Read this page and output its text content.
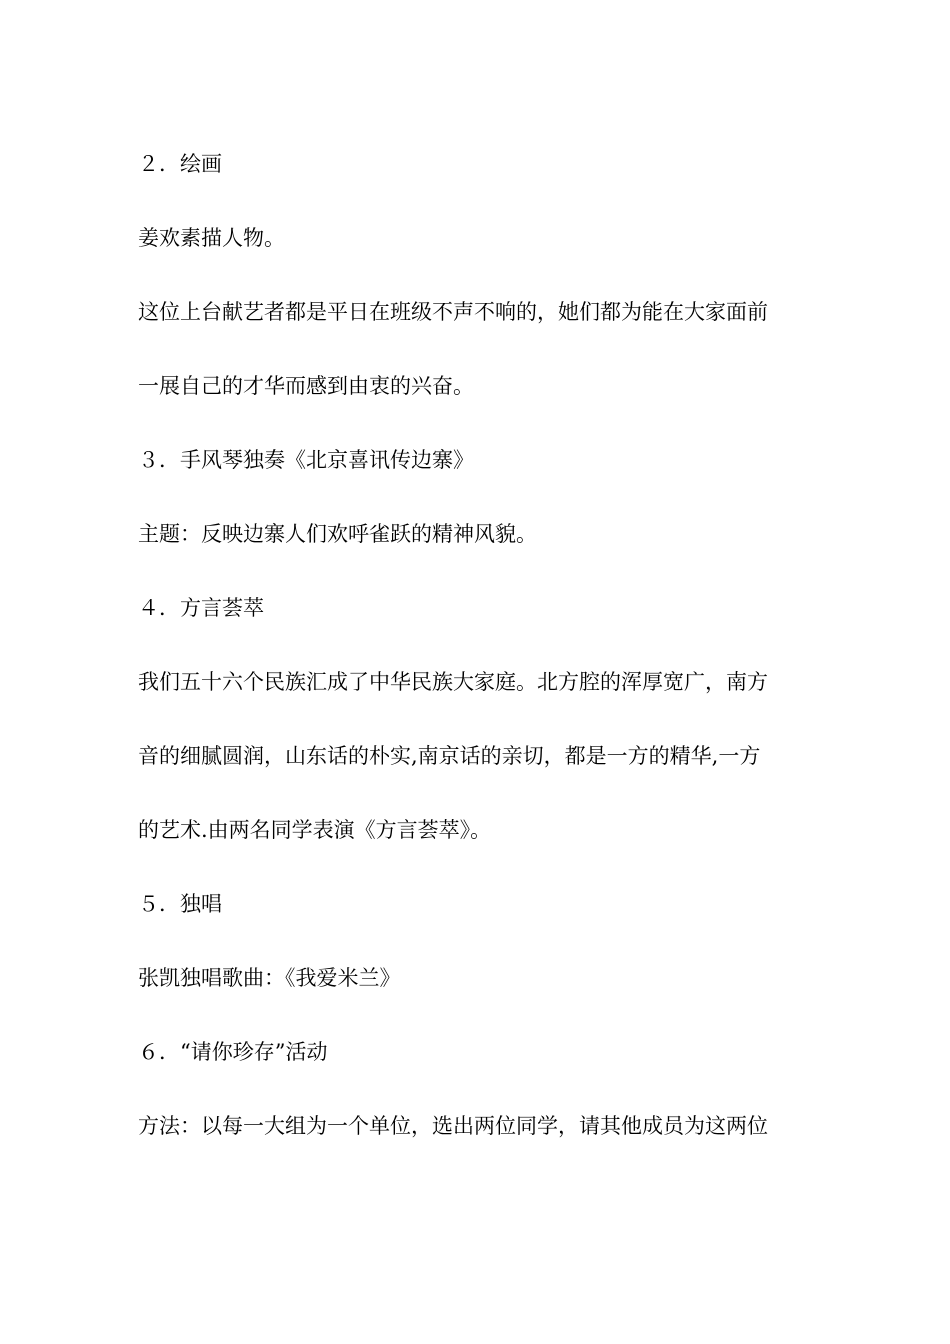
２．绘画
姜欢素描人物。
这位上台献艺者都是平日在班级不声不响的，她们都为能在大家面前
一展自己的才华而感到由衷的兴奋。
３．手风琴独奏《北京喜讯传边寨》
主题：反映边寨人们欢呼雀跃的精神风貌。
４．方言荟萃
我们五十六个民族汇成了中华民族大家庭。北方腔的浑厚宽广，南方
音的细腻圆润，山东话的朴实,南京话的亲切，都是一方的精华,一方
的艺术.由两名同学表演《方言荟萃》。
５．独唱
张凯独唱歌曲：《我爱米兰》
６．“请你珍存”活动
方法：以每一大组为一个单位，选出两位同学，请其他成员为这两位
